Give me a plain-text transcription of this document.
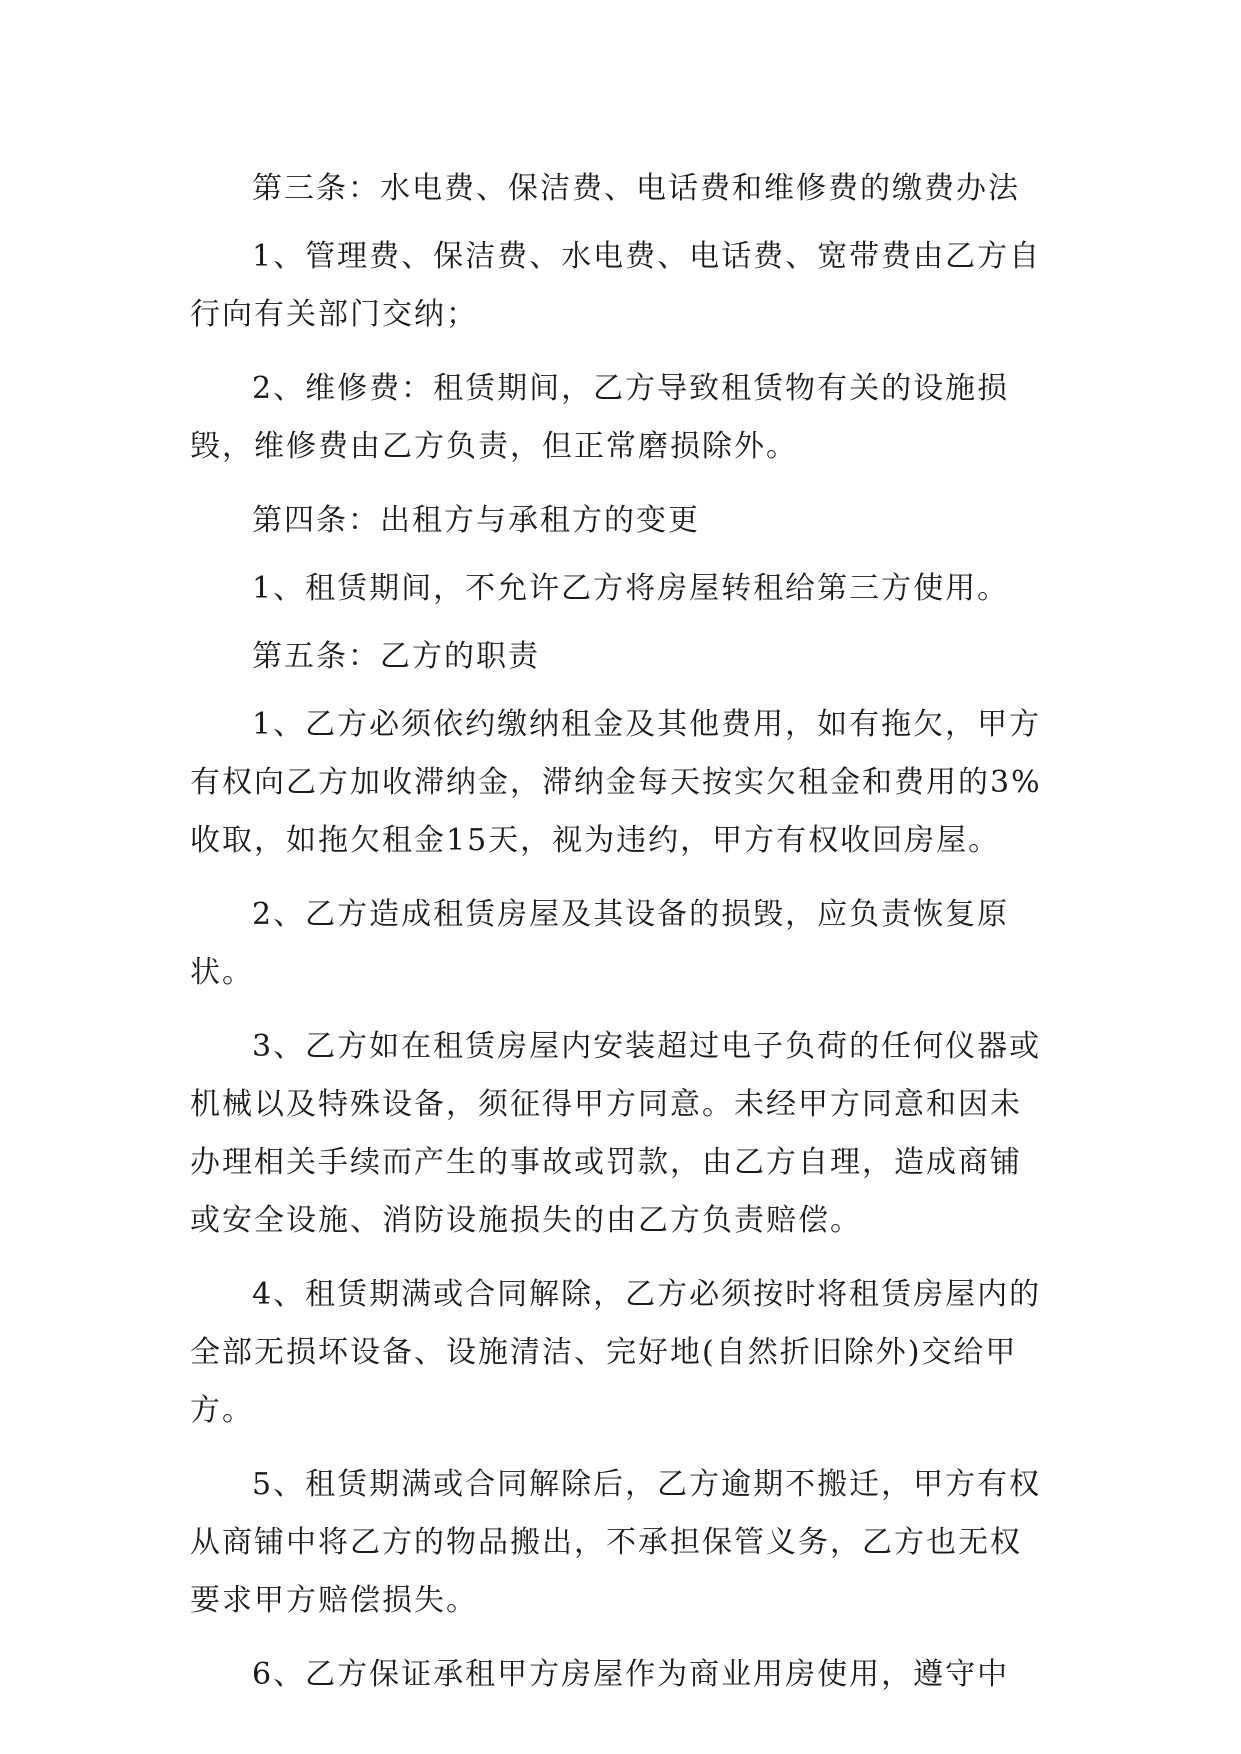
第三条：水电费、保洁费、电话费和维修费的缴费办法

1、管理费、保洁费、水电费、电话费、宽带费由乙方自行向有关部门交纳；

2、维修费：租赁期间，乙方导致租赁物有关的设施损毁，维修费由乙方负责，但正常磨损除外。

第四条：出租方与承租方的变更

1、租赁期间，不允许乙方将房屋转租给第三方使用。

第五条：乙方的职责

1、乙方必须依约缴纳租金及其他费用，如有拖欠，甲方有权向乙方加收滞纳金，滞纳金每天按实欠租金和费用的3%收取，如拖欠租金15天，视为违约，甲方有权收回房屋。

2、乙方造成租赁房屋及其设备的损毁，应负责恢复原状。

3、乙方如在租赁房屋内安装超过电子负荷的任何仪器或机械以及特殊设备，须征得甲方同意。未经甲方同意和因未办理相关手续而产生的事故或罚款，由乙方自理，造成商铺或安全设施、消防设施损失的由乙方负责赔偿。

4、租赁期满或合同解除，乙方必须按时将租赁房屋内的全部无损坏设备、设施清洁、完好地(自然折旧除外)交给甲方。

5、租赁期满或合同解除后，乙方逾期不搬迁，甲方有权从商铺中将乙方的物品搬出，不承担保管义务，乙方也无权要求甲方赔偿损失。

6、乙方保证承租甲方房屋作为商业用房使用，遵守中
